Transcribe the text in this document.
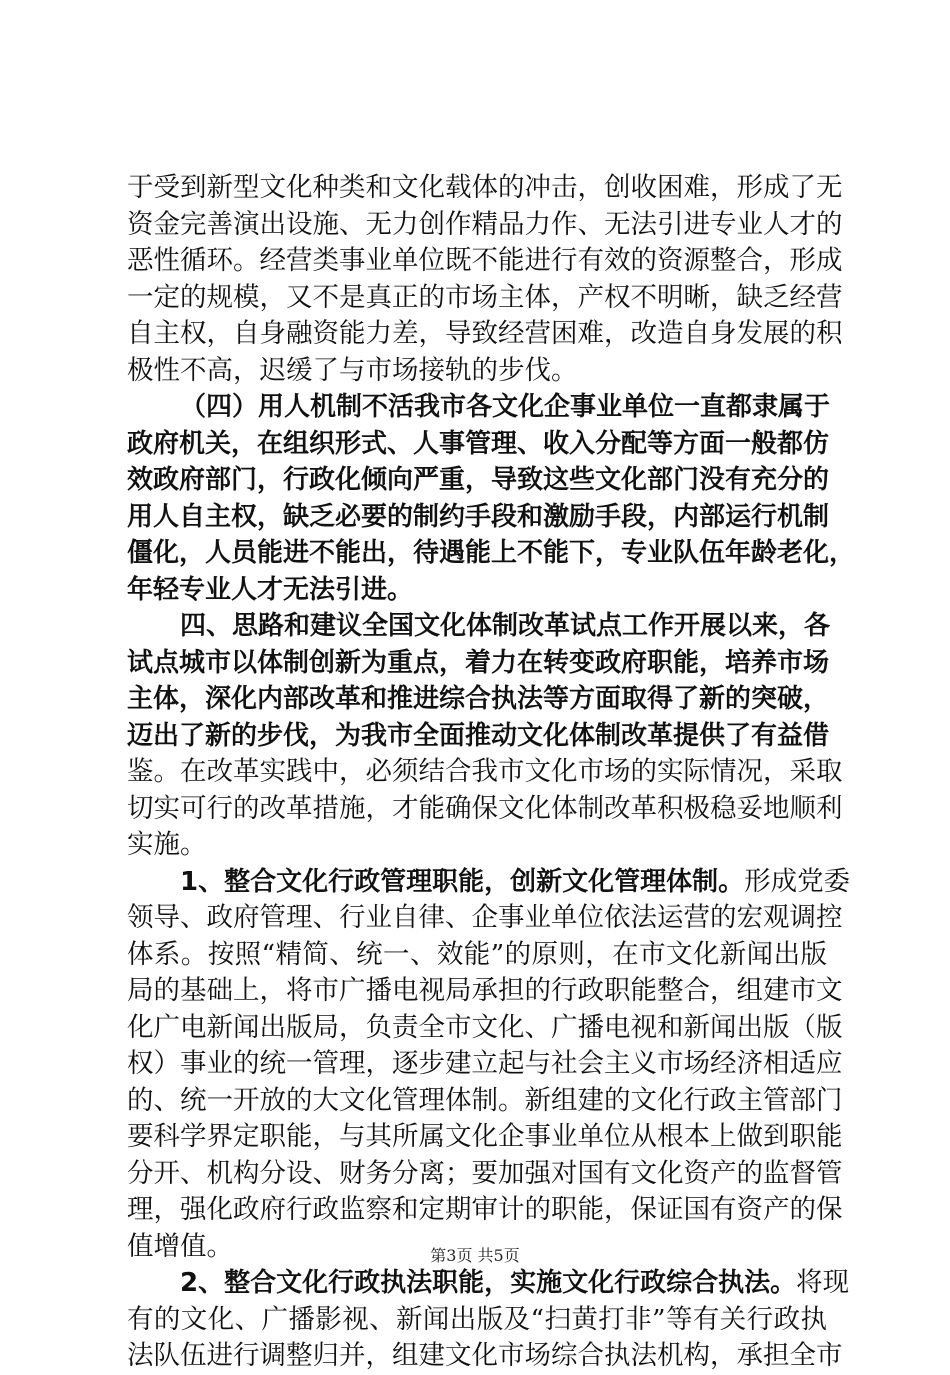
于受到新型文化种类和文化载体的冲击，创收困难，形成了无
资金完善演出设施、无力创作精品力作、无法引进专业人才的
恶性循环。经营类事业单位既不能进行有效的资源整合，形成
一定的规模，又不是真正的市场主体，产权不明晰，缺乏经营
自主权，自身融资能力差，导致经营困难，改造自身发展的积
极性不高，迟缓了与市场接轨的步伐。
（四）用人机制不活我市各文化企事业单位一直都隶属于
政府机关，在组织形式、人事管理、收入分配等方面一般都仿
效政府部门，行政化倾向严重，导致这些文化部门没有充分的
用人自主权，缺乏必要的制约手段和激励手段，内部运行机制
僵化，人员能进不能出，待遇能上不能下，专业队伍年龄老化，
年轻专业人才无法引进。
四、思路和建议全国文化体制改革试点工作开展以来，各
试点城市以体制创新为重点，着力在转变政府职能，培养市场
主体，深化内部改革和推进综合执法等方面取得了新的突破，
迈出了新的步伐，为我市全面推动文化体制改革提供了有益借
鉴。在改革实践中，必须结合我市文化市场的实际情况，采取
切实可行的改革措施，才能确保文化体制改革积极稳妥地顺利
实施。
1、整合文化行政管理职能，创新文化管理体制。形成党委
领导、政府管理、行业自律、企事业单位依法运营的宏观调控
体系。按照“精简、统一、效能”的原则，在市文化新闻出版
局的基础上，将市广播电视局承担的行政职能整合，组建市文
化广电新闻出版局，负责全市文化、广播电视和新闻出版（版
权）事业的统一管理，逐步建立起与社会主义市场经济相适应
的、统一开放的大文化管理体制。新组建的文化行政主管部门
要科学界定职能，与其所属文化企事业单位从根本上做到职能
分开、机构分设、财务分离；要加强对国有文化资产的监督管
理，强化政府行政监察和定期审计的职能，保证国有资产的保
值增值。
2、整合文化行政执法职能，实施文化行政综合执法。将现
有的文化、广播影视、新闻出版及“扫黄打非”等有关行政执
法队伍进行调整归并，组建文化市场综合执法机构，承担全市
第3页 共5页
